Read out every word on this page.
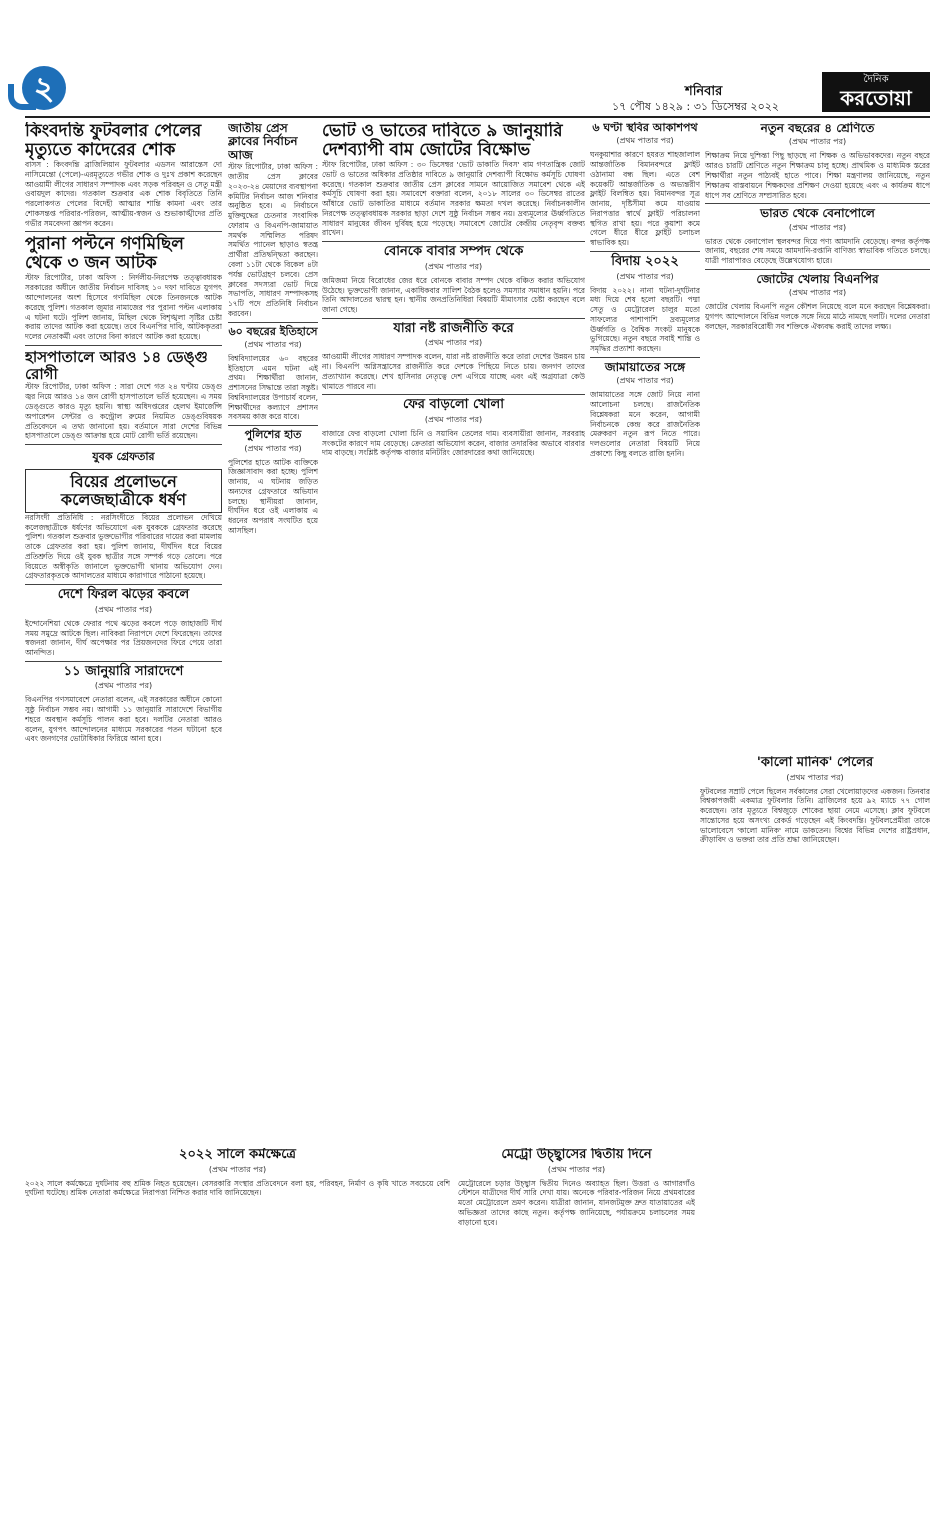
২	শনিবার
১৭ পৌষ ১৪২৯ : ৩১ ডিসেম্বর ২০২২
দৈনিক
করতোয়া
কিংবদন্তি ফুটবলার পেলের মৃত্যুতে কাদেরের শোক

বাসস : কিংবদন্তি ব্রাজিলিয়ান ফুটবলার এডসন আরান্তেস দো নাসিমেন্তো (পেলে)-এরমৃত্যুতে গভীর শোক ও দুঃখ প্রকাশ করেছেন আওয়ামী লীগের সাধারণ সম্পাদক এবং সড়ক পরিবহন ও সেতু মন্ত্রী ওবায়দুল কাদের। গতকাল শুক্রবার এক শোক বিবৃতিতে তিনি পরলোকগত পেলের বিদেহী আত্মার শান্তি কামনা এবং তার শোকসন্তপ্ত পরিবার-পরিজন, আত্মীয়-স্বজন ও শুভাকাঙ্খীদের প্রতি গভীর সমবেদনা জ্ঞাপন করেন।

পুরানা পল্টনে গণমিছিল থেকে ৩ জন আটক

স্টাফ রিপোর্টার, ঢাকা অফিস : নির্দলীয়-নিরপেক্ষ তত্ত্বাবধায়ক সরকারের অধীনে জাতীয় নির্বাচন দাবিসহ ১০ দফা দাবিতে যুগপৎ আন্দোলনের অংশ হিসেবে গণমিছিল থেকে তিনজনকে আটক করেছে পুলিশ। গতকাল জুমার নামাজের পর পুরানা পল্টন এলাকায় এ ঘটনা ঘটে। পুলিশ জানায়, মিছিল থেকে বিশৃঙ্খলা সৃষ্টির চেষ্টা করায় তাদের আটক করা হয়েছে। তবে বিএনপির দাবি, আটককৃতরা দলের নেতাকর্মী এবং তাদের বিনা কারণে আটক করা হয়েছে।

হাসপাতালে আরও ১৪ ডেঙ্গু রোগী

স্টাফ রিপোর্টার, ঢাকা অফিস : সারা দেশে গত ২৪ ঘণ্টায় ডেঙ্গু জ্বর নিয়ে আরও ১৪ জন রোগী হাসপাতালে ভর্তি হয়েছেন। এ সময় ডেঙ্গুতে কারও মৃত্যু হয়নি। স্বাস্থ্য অধিদপ্তরের হেলথ ইমার্জেন্সি অপারেশন সেন্টার ও কন্ট্রোল রুমের নিয়মিত ডেঙ্গুবিষয়ক প্রতিবেদনে এ তথ্য জানানো হয়। বর্তমানে সারা দেশের বিভিন্ন হাসপাতালে ডেঙ্গু আক্রান্ত হয়ে মোট রোগী ভর্তি রয়েছেন।

যুবক গ্রেফতার

বিয়ের প্রলোভনে কলেজছাত্রীকে ধর্ষণ

নরসিংদী প্রতিনিধি : নরসিংদীতে বিয়ের প্রলোভন দেখিয়ে কলেজছাত্রীকে ধর্ষণের অভিযোগে এক যুবককে গ্রেফতার করেছে পুলিশ। গতকাল শুক্রবার ভুক্তভোগীর পরিবারের দায়ের করা মামলায় তাকে গ্রেফতার করা হয়। পুলিশ জানায়, দীর্ঘদিন ধরে বিয়ের প্রতিশ্রুতি দিয়ে ওই যুবক ছাত্রীর সঙ্গে সম্পর্ক গড়ে তোলে। পরে বিয়েতে অস্বীকৃতি জানালে ভুক্তভোগী থানায় অভিযোগ দেন। গ্রেফতারকৃতকে আদালতের মাধ্যমে কারাগারে পাঠানো হয়েছে।

দেশে ফিরল ঝড়ের কবলে

(প্রথম পাতার পর)

ইন্দোনেশিয়া থেকে ফেরার পথে ঝড়ের কবলে পড়ে জাহাজটি দীর্ঘ সময় সমুদ্রে আটকে ছিল। নাবিকরা নিরাপদে দেশে ফিরেছেন। তাদের স্বজনরা জানান, দীর্ঘ অপেক্ষার পর প্রিয়জনদের ফিরে পেয়ে তারা আনন্দিত।

১১ জানুয়ারি সারাদেশে

(প্রথম পাতার পর)

বিএনপির গণসমাবেশে নেতারা বলেন, এই সরকারের অধীনে কোনো সুষ্ঠু নির্বাচন সম্ভব নয়। আগামী ১১ জানুয়ারি সারাদেশে বিভাগীয় শহরে অবস্থান কর্মসূচি পালন করা হবে। দলটির নেতারা আরও বলেন, যুগপৎ আন্দোলনের মাধ্যমে সরকারের পতন ঘটানো হবে এবং জনগণের ভোটাধিকার ফিরিয়ে আনা হবে।

জাতীয় প্রেস ক্লাবের নির্বাচন আজ

স্টাফ রিপোর্টার, ঢাকা অফিস : জাতীয় প্রেস ক্লাবের ২০২৩-২৪ মেয়াদের ব্যবস্থাপনা কমিটির নির্বাচন আজ শনিবার অনুষ্ঠিত হবে। এ নির্বাচনে মুক্তিযুদ্ধের চেতনার সংবাদিক ফোরাম ও বিএনপি-জামায়াত সমর্থক সম্মিলিত পরিষদ সমর্থিত প্যানেল ছাড়াও স্বতন্ত্র প্রার্থীরা প্রতিদ্বন্দ্বিতা করছেন। বেলা ১১টা থেকে বিকেল ৪টা পর্যন্ত ভোটগ্রহণ চলবে। প্রেস ক্লাবের সদস্যরা ভোট দিয়ে সভাপতি, সাধারণ সম্পাদকসহ ১৭টি পদে প্রতিনিধি নির্বাচন করবেন।

৬০ বছরের ইতিহাসে

(প্রথম পাতার পর)

বিশ্ববিদ্যালয়ের ৬০ বছরের ইতিহাসে এমন ঘটনা এই প্রথম। শিক্ষার্থীরা জানান, প্রশাসনের সিদ্ধান্তে তারা সন্তুষ্ট। বিশ্ববিদ্যালয়ের উপাচার্য বলেন, শিক্ষার্থীদের কল্যাণে প্রশাসন সবসময় কাজ করে যাবে।

পুলিশের হাত

(প্রথম পাতার পর)

পুলিশের হাতে আটক ব্যক্তিকে জিজ্ঞাসাবাদ করা হচ্ছে। পুলিশ জানায়, এ ঘটনায় জড়িত অন্যদের গ্রেফতারে অভিযান চলছে। স্থানীয়রা জানান, দীর্ঘদিন ধরে ওই এলাকায় এ ধরনের অপরাধ সংঘটিত হয়ে আসছিল।

ভোট ও ভাতের দাবিতে ৯ জানুয়ারি দেশব্যাপী বাম জোটের বিক্ষোভ

স্টাফ রিপোর্টার, ঢাকা অফিস : ৩০ ডিসেম্বর 'ভোট ডাকাতি দিবস' বাম গণতান্ত্রিক জোট ভোট ও ভাতের অধিকার প্রতিষ্ঠার দাবিতে ৯ জানুয়ারি দেশব্যাপী বিক্ষোভ কর্মসূচি ঘোষণা করেছে। গতকাল শুক্রবার জাতীয় প্রেস ক্লাবের সামনে আয়োজিত সমাবেশ থেকে এই কর্মসূচি ঘোষণা করা হয়। সমাবেশে বক্তারা বলেন, ২০১৮ সালের ৩০ ডিসেম্বর রাতের আঁধারে ভোট ডাকাতির মাধ্যমে বর্তমান সরকার ক্ষমতা দখল করেছে। নির্বাচনকালীন নিরপেক্ষ তত্ত্বাবধায়ক সরকার ছাড়া দেশে সুষ্ঠু নির্বাচন সম্ভব নয়। দ্রব্যমূল্যের ঊর্ধ্বগতিতে সাধারণ মানুষের জীবন দুর্বিষহ হয়ে পড়েছে। সমাবেশে জোটের কেন্দ্রীয় নেতৃবৃন্দ বক্তব্য রাখেন।

বোনকে বাবার সম্পদ থেকে

(প্রথম পাতার পর)

জমিজমা নিয়ে বিরোধের জের ধরে বোনকে বাবার সম্পদ থেকে বঞ্চিত করার অভিযোগ উঠেছে। ভুক্তভোগী জানান, একাধিকবার সালিশ বৈঠক হলেও সমস্যার সমাধান হয়নি। পরে তিনি আদালতের দ্বারস্থ হন। স্থানীয় জনপ্রতিনিধিরা বিষয়টি মীমাংসার চেষ্টা করছেন বলে জানা গেছে।

যারা নষ্ট রাজনীতি করে

(প্রথম পাতার পর)

আওয়ামী লীগের সাধারণ সম্পাদক বলেন, যারা নষ্ট রাজনীতি করে তারা দেশের উন্নয়ন চায় না। বিএনপি অগ্নিসন্ত্রাসের রাজনীতি করে দেশকে পিছিয়ে নিতে চায়। জনগণ তাদের প্রত্যাখ্যান করেছে। শেখ হাসিনার নেতৃত্বে দেশ এগিয়ে যাচ্ছে এবং এই অগ্রযাত্রা কেউ থামাতে পারবে না।

ফের বাড়লো খোলা

(প্রথম পাতার পর)

বাজারে ফের বাড়লো খোলা চিনি ও সয়াবিন তেলের দাম। ব্যবসায়ীরা জানান, সরবরাহ সংকটের কারণে দাম বেড়েছে। ক্রেতারা অভিযোগ করেন, বাজার তদারকির অভাবে বারবার দাম বাড়ছে। সংশ্লিষ্ট কর্তৃপক্ষ বাজার মনিটরিং জোরদারের কথা জানিয়েছে।

৬ ঘণ্টা স্থবির আকাশপথ

(প্রথম পাতার পর)

ঘনকুয়াশার কারণে হযরত শাহজালাল আন্তর্জাতিক বিমানবন্দরে ফ্লাইট ওঠানামা বন্ধ ছিল। এতে বেশ কয়েকটি আন্তর্জাতিক ও অভ্যন্তরীণ ফ্লাইট বিলম্বিত হয়। বিমানবন্দর সূত্র জানায়, দৃষ্টিসীমা কমে যাওয়ায় নিরাপত্তার স্বার্থে ফ্লাইট পরিচালনা স্থগিত রাখা হয়। পরে কুয়াশা কমে গেলে ধীরে ধীরে ফ্লাইট চলাচল স্বাভাবিক হয়।

বিদায় ২০২২

(প্রথম পাতার পর)

বিদায় ২০২২। নানা ঘটনা-দুর্ঘটনার মধ্য দিয়ে শেষ হলো বছরটি। পদ্মা সেতু ও মেট্রোরেল চালুর মতো সাফল্যের পাশাপাশি দ্রব্যমূল্যের ঊর্ধ্বগতি ও বৈশ্বিক সংকট মানুষকে ভুগিয়েছে। নতুন বছরে সবাই শান্তি ও সমৃদ্ধির প্রত্যাশা করছেন।

জামায়াতের সঙ্গে

(প্রথম পাতার পর)

জামায়াতের সঙ্গে জোট নিয়ে নানা আলোচনা চলছে। রাজনৈতিক বিশ্লেষকরা মনে করেন, আগামী নির্বাচনকে কেন্দ্র করে রাজনৈতিক মেরুকরণ নতুন রূপ নিতে পারে। দলগুলোর নেতারা বিষয়টি নিয়ে প্রকাশ্যে কিছু বলতে রাজি হননি।

নতুন বছরের ৪ শ্রেণিতে

(প্রথম পাতার পর)

শিক্ষাক্রম নিয়ে দুশ্চিন্তা পিছু ছাড়ছে না শিক্ষক ও অভিভাবকদের। নতুন বছরে আরও চারটি শ্রেণিতে নতুন শিক্ষাক্রম চালু হচ্ছে। প্রাথমিক ও মাধ্যমিক স্তরের শিক্ষার্থীরা নতুন পাঠ্যবই হাতে পাবে। শিক্ষা মন্ত্রণালয় জানিয়েছে, নতুন শিক্ষাক্রম বাস্তবায়নে শিক্ষকদের প্রশিক্ষণ দেওয়া হয়েছে এবং এ কার্যক্রম ধাপে ধাপে সব শ্রেণিতে সম্প্রসারিত হবে।

ভারত থেকে বেনাপোলে

(প্রথম পাতার পর)

ভারত থেকে বেনাপোল স্থলবন্দর দিয়ে পণ্য আমদানি বেড়েছে। বন্দর কর্তৃপক্ষ জানায়, বছরের শেষ সময়ে আমদানি-রপ্তানি বাণিজ্য স্বাভাবিক গতিতে চলছে। যাত্রী পারাপারও বেড়েছে উল্লেখযোগ্য হারে।

জোটের খেলায় বিএনপির

(প্রথম পাতার পর)

জোটের খেলায় বিএনপি নতুন কৌশল নিয়েছে বলে মনে করছেন বিশ্লেষকরা। যুগপৎ আন্দোলনে বিভিন্ন দলকে সঙ্গে নিয়ে মাঠে নামছে দলটি। দলের নেতারা বলছেন, সরকারবিরোধী সব শক্তিকে ঐক্যবদ্ধ করাই তাদের লক্ষ্য।

'কালো মানিক' পেলের

(প্রথম পাতার পর)

ফুটবলের সম্রাট পেলে ছিলেন সর্বকালের সেরা খেলোয়াড়দের একজন। তিনবার বিশ্বকাপজয়ী একমাত্র ফুটবলার তিনি। ব্রাজিলের হয়ে ৯২ ম্যাচে ৭৭ গোল করেছেন। তার মৃত্যুতে বিশ্বজুড়ে শোকের ছায়া নেমে এসেছে। ক্লাব ফুটবলে সান্তোসের হয়ে অসংখ্য রেকর্ড গড়েছেন এই কিংবদন্তি। ফুটবলপ্রেমীরা তাকে ভালোবেসে 'কালো মানিক' নামে ডাকতেন। বিশ্বের বিভিন্ন দেশের রাষ্ট্রপ্রধান, ক্রীড়াবিদ ও ভক্তরা তার প্রতি শ্রদ্ধা জানিয়েছেন।

মেট্রো উচ্ছ্বাসের দ্বিতীয় দিনে

(প্রথম পাতার পর)

মেট্রোরেলে চড়ার উচ্ছ্বাস দ্বিতীয় দিনেও অব্যাহত ছিল। উত্তরা ও আগারগাঁও স্টেশনে যাত্রীদের দীর্ঘ সারি দেখা যায়। অনেকে পরিবার-পরিজন নিয়ে প্রথমবারের মতো মেট্রোরেলে ভ্রমণ করেন। যাত্রীরা জানান, যানজটমুক্ত দ্রুত যাতায়াতের এই অভিজ্ঞতা তাদের কাছে নতুন। কর্তৃপক্ষ জানিয়েছে, পর্যায়ক্রমে চলাচলের সময় বাড়ানো হবে।

২০২২ সালে কর্মক্ষেত্রে

(প্রথম পাতার পর)

২০২২ সালে কর্মক্ষেত্রে দুর্ঘটনায় বহু শ্রমিক নিহত হয়েছেন। বেসরকারি সংস্থার প্রতিবেদনে বলা হয়, পরিবহন, নির্মাণ ও কৃষি খাতে সবচেয়ে বেশি দুর্ঘটনা ঘটেছে। শ্রমিক নেতারা কর্মক্ষেত্রে নিরাপত্তা নিশ্চিত করার দাবি জানিয়েছেন।
